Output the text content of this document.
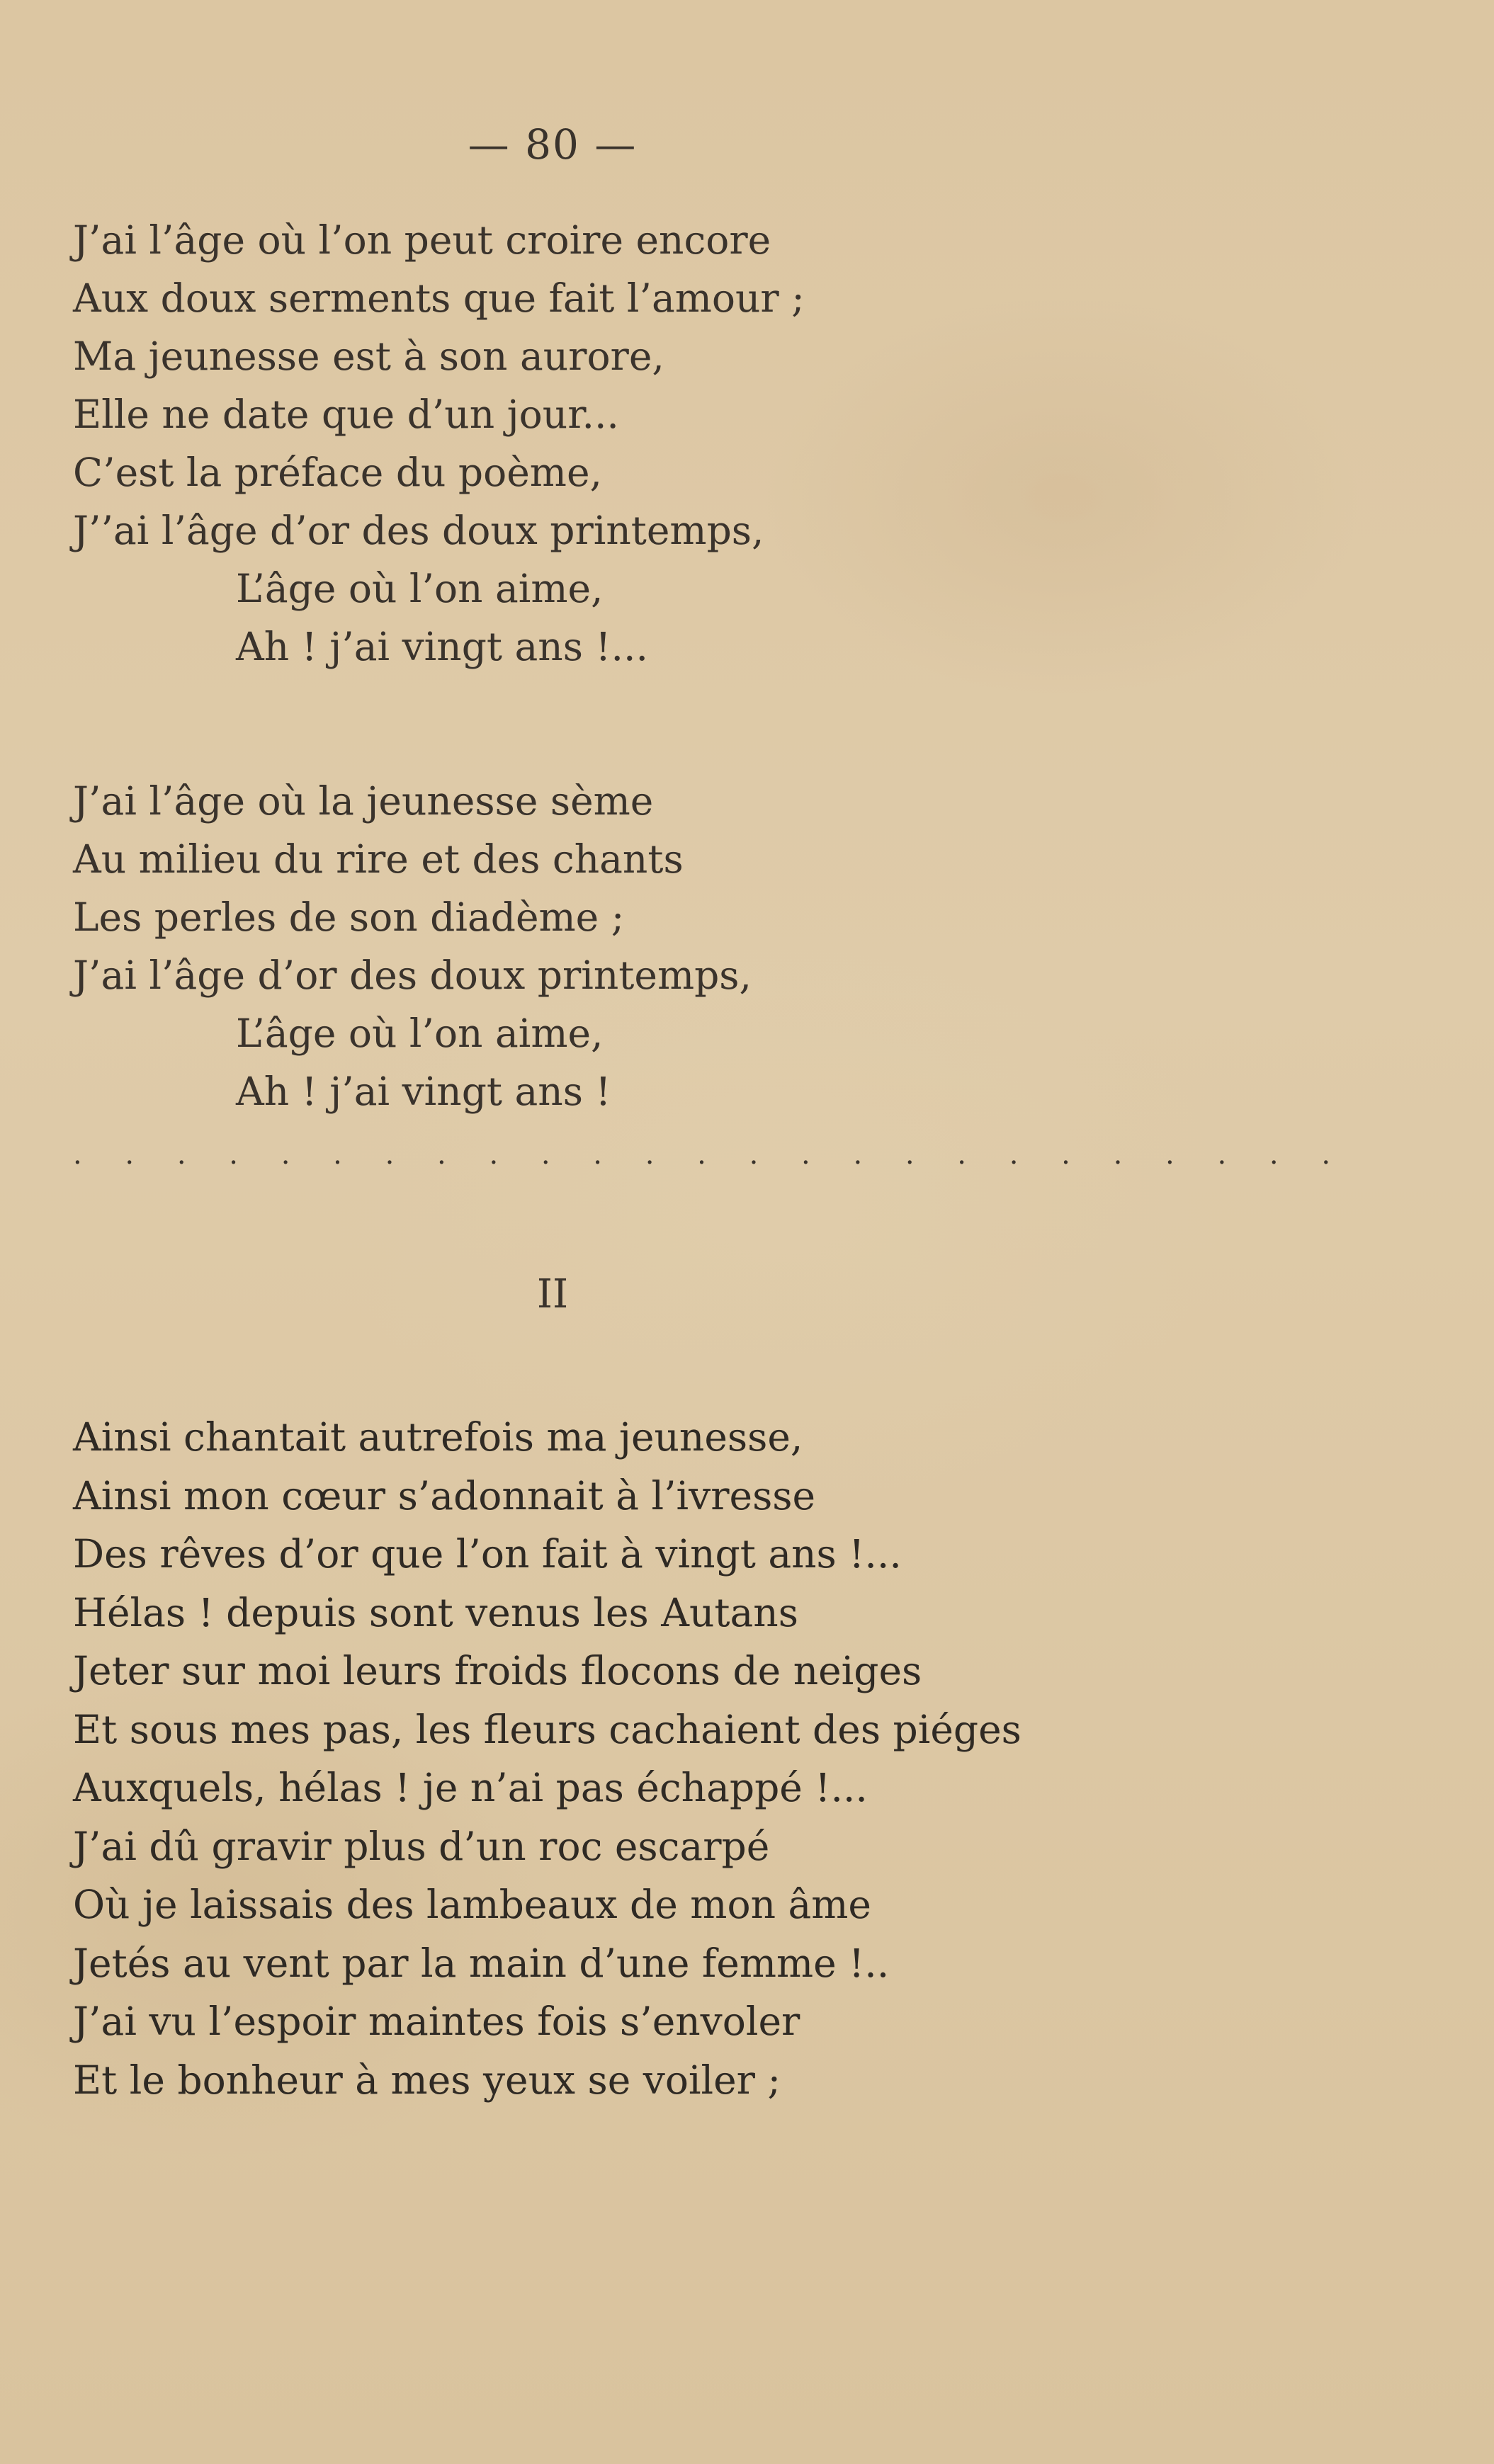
— 80 —
J’ai l’âge où l’on peut croire encore
Aux doux serments que fait l’amour ;
Ma jeunesse est à son aurore,
Elle ne date que d’un jour...
C’est la préface du poème,
J’’ai l’âge d’or des doux printemps,
L’âge où l’on aime,
Ah ! j’ai vingt ans !...
J’ai l’âge où la jeunesse sème
Au milieu du rire et des chants
Les perles de son diadème ;
J’ai l’âge d’or des doux printemps,
L’âge où l’on aime,
Ah ! j’ai vingt ans !
. . . . . . . . . . . . . . . . . . . . . . . . .
II
Ainsi chantait autrefois ma jeunesse,
Ainsi mon cœur s’adonnait à l’ivresse
Des rêves d’or que l’on fait à vingt ans !...
Hélas ! depuis sont venus les Autans
Jeter sur moi leurs froids flocons de neiges
Et sous mes pas, les fleurs cachaient des piéges
Auxquels, hélas ! je n’ai pas échappé !...
J’ai dû gravir plus d’un roc escarpé
Où je laissais des lambeaux de mon âme
Jetés au vent par la main d’une femme !..
J’ai vu l’espoir maintes fois s’envoler
Et le bonheur à mes yeux se voiler ;
